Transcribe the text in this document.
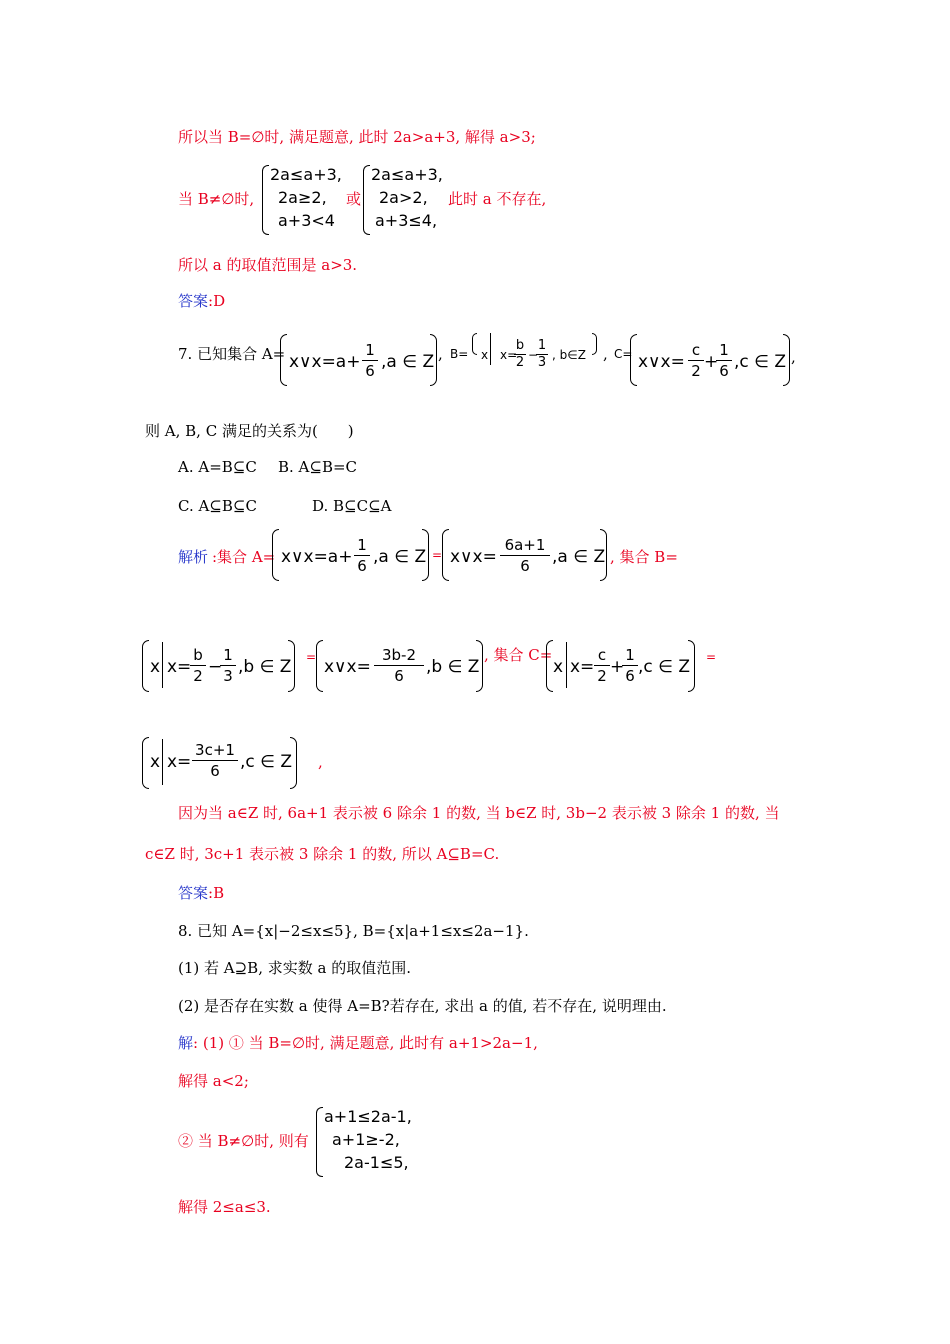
所以当 B=∅时, 满足题意, 此时 2a>a+3, 解得 a>3;
当 B≠∅时,
2a≤a+3,
2a≥2,
a+3<4
或
2a≤a+3,
2a>2,
a+3≤4,
此时 a 不存在,
所以 a 的取值范围是 a>3.
答案:D
7. 已知集合 A= x∨x=a+ $\frac{1}{6} ,a$ ∈ Z , B= x x=
$\frac{b}{2}$ −
$\frac{1}{3}$ , b∈Z , C= x∨x= $\frac{c}{2}$ +
$\frac{1}{6} ,c$ ∈ Z ,
则 A, B, C 满足的关系为(　　)
A. A=B⊆C B. A⊆B=C
C. A⊆B⊆C	D. B⊆C⊆A
解析 :集合 A= x∨x=a+ $\frac{1}{6} ,a$ ∈ Z = x∨x= $\frac{6a+1}{6} ,a$ ∈ Z , 集合 B=
x x=
$\frac{b}{2}$ −
$\frac{1}{3} ,b$ ∈ Z = x∨x= $\frac{3b-2}{6} ,b$ ∈ Z
, 集合 C=
x $x= \frac{c}{2}$ +
$\frac{1}{6} ,c$ ∈ Z =
x $x= \frac{3c+1}{6} ,c$ ∈ Z ,
因为当 a∈Z 时, 6a+1 表示被 6 除余 1 的数, 当 b∈Z 时, 3b−2 表示被 3 除余 1 的数, 当
c∈Z 时, 3c+1 表示被 3 除余 1 的数, 所以 A⊆B=C.
答案:B
8. 已知 A={x|−2≤x≤5}, B={x|a+1≤x≤2a−1}.
(1) 若 A⊇B, 求实数 a 的取值范围.
(2) 是否存在实数 a 使得 A=B?若存在, 求出 a 的值, 若不存在, 说明理由.
解: (1) ① 当 B=∅时, 满足题意, 此时有 a+1>2a−1,
解得 a<2;
② 当 B≠∅时, 则有
a+1≤2a-1,
a+1≥-2,
2a-1≤5,
解得 2≤a≤3.
